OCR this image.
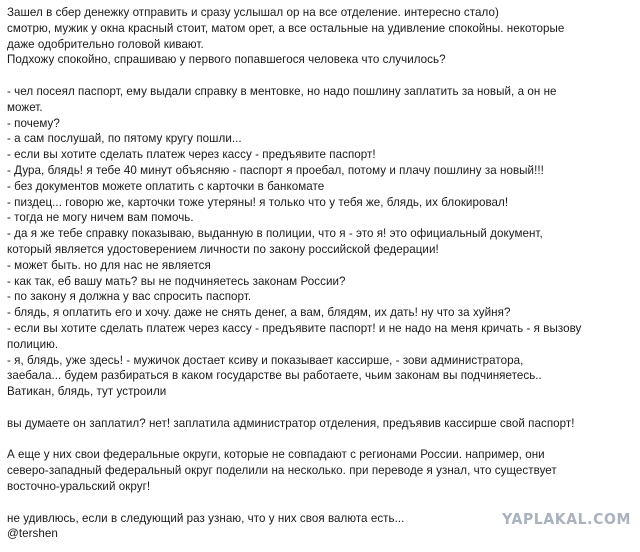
Зашел в сбер денежку отправить и сразу услышал ор на все отделение. интересно стало)
смотрю, мужик у окна красный стоит, матом орет, а все остальные на удивление спокойны. некоторые
даже одобрительно головой кивают.
Подхожу спокойно, спрашиваю у первого попавшегося человека что случилось?
- чел посеял паспорт, ему выдали справку в ментовке, но надо пошлину заплатить за новый, а он не
может.
- почему?
- а сам послушай, по пятому кругу пошли...
- если вы хотите сделать платеж через кассу - предъявите паспорт!
- Дура, блядь! я тебе 40 минут объясняю - паспорт я проебал, потому и плачу пошлину за новый!!!
- без документов можете оплатить с карточки в банкомате
- пиздец... говорю же, карточки тоже утеряны! я только что у тебя же, блядь, их блокировал!
- тогда не могу ничем вам помочь.
- да я же тебе справку показываю, выданную в полиции, что я - это я! это официальный документ,
который является удостоверением личности по закону российской федерации!
- может быть. но для нас не является
- как так, еб вашу мать? вы не подчиняетесь законам России?
- по закону я должна у вас спросить паспорт.
- блядь, я оплатить его и хочу. даже не снять денег, а вам, блядям, их дать! ну что за хуйня?
- если вы хотите сделать платеж через кассу - предъявите паспорт! и не надо на меня кричать - я вызову
полицию.
- я, блядь, уже здесь! - мужичок достает ксиву и показывает кассирше, - зови администратора,
заебала... будем разбираться в каком государстве вы работаете, чьим законам вы подчиняетесь..
Ватикан, блядь, тут устроили
вы думаете он заплатил? нет! заплатила администратор отделения, предъявив кассирше свой паспорт!
А еще у них свои федеральные округи, которые не совпадают с регионами России. например, они
северо-западный федеральный округ поделили на несколько. при переводе я узнал, что существует
восточно-уральский округ!
не удивлюсь, если в следующий раз узнаю, что у них своя валюта есть...
@tershen
YAPLAKAL.COM
